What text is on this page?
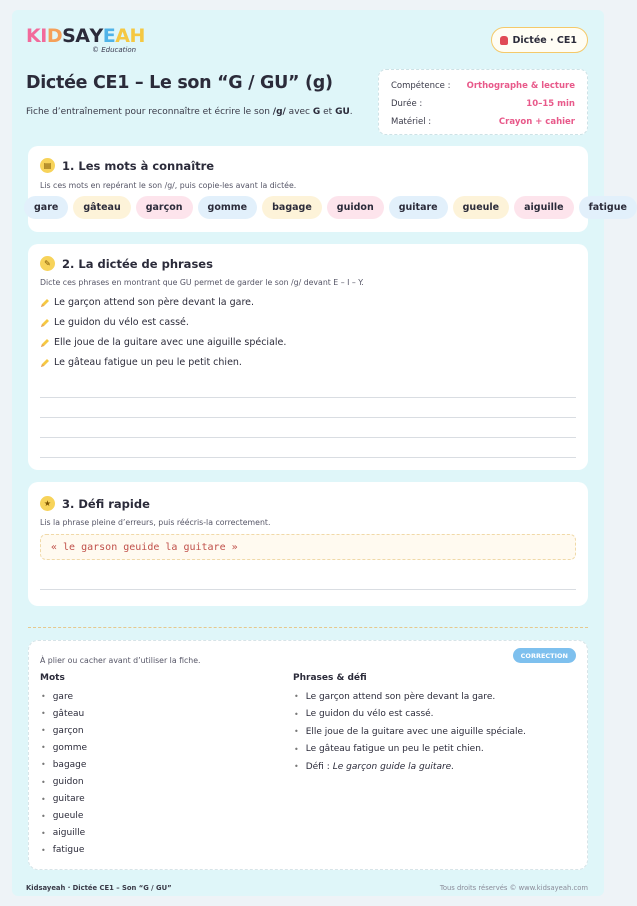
KIDSAYEAH
© Education
Dictée · CE1
Dictée CE1 – Le son “G / GU” (g)
Fiche d’entraînement pour reconnaître et écrire le son /g/ avec G et GU.
Compétence : Orthographe & lecture
Durée :	10–15 min
Matériel :	Crayon + cahier
▤ 1. Les mots à connaître
Lis ces mots en repérant le son /g/, puis copie-les avant la dictée.
gare	gâteau	garçon	gomme	bagage	guidon	guitare	gueule	aiguille	fatigue
✎ 2. La dictée de phrases
Dicte ces phrases en montrant que GU permet de garder le son /g/ devant E – I – Y.
Le garçon attend son père devant la gare.
Le guidon du vélo est cassé.
Elle joue de la guitare avec une aiguille spéciale.
Le gâteau fatigue un peu le petit chien.
★ 3. Défi rapide
Lis la phrase pleine d’erreurs, puis réécris-la correctement.
« le garson geuide la guitare »
À plier ou cacher avant d’utiliser la fiche.
CORRECTION
Mots
• gare
• gâteau
• garçon
• gomme
• bagage
• guidon
• guitare
• gueule
• aiguille
• fatigue
Phrases & défi
• Le garçon attend son père devant la gare.
• Le guidon du vélo est cassé.
• Elle joue de la guitare avec une aiguille spéciale.
• Le gâteau fatigue un peu le petit chien.
• Défi : Le garçon guide la guitare.
Kidsayeah · Dictée CE1 – Son “G / GU”	Tous droits réservés © www.kidsayeah.com
